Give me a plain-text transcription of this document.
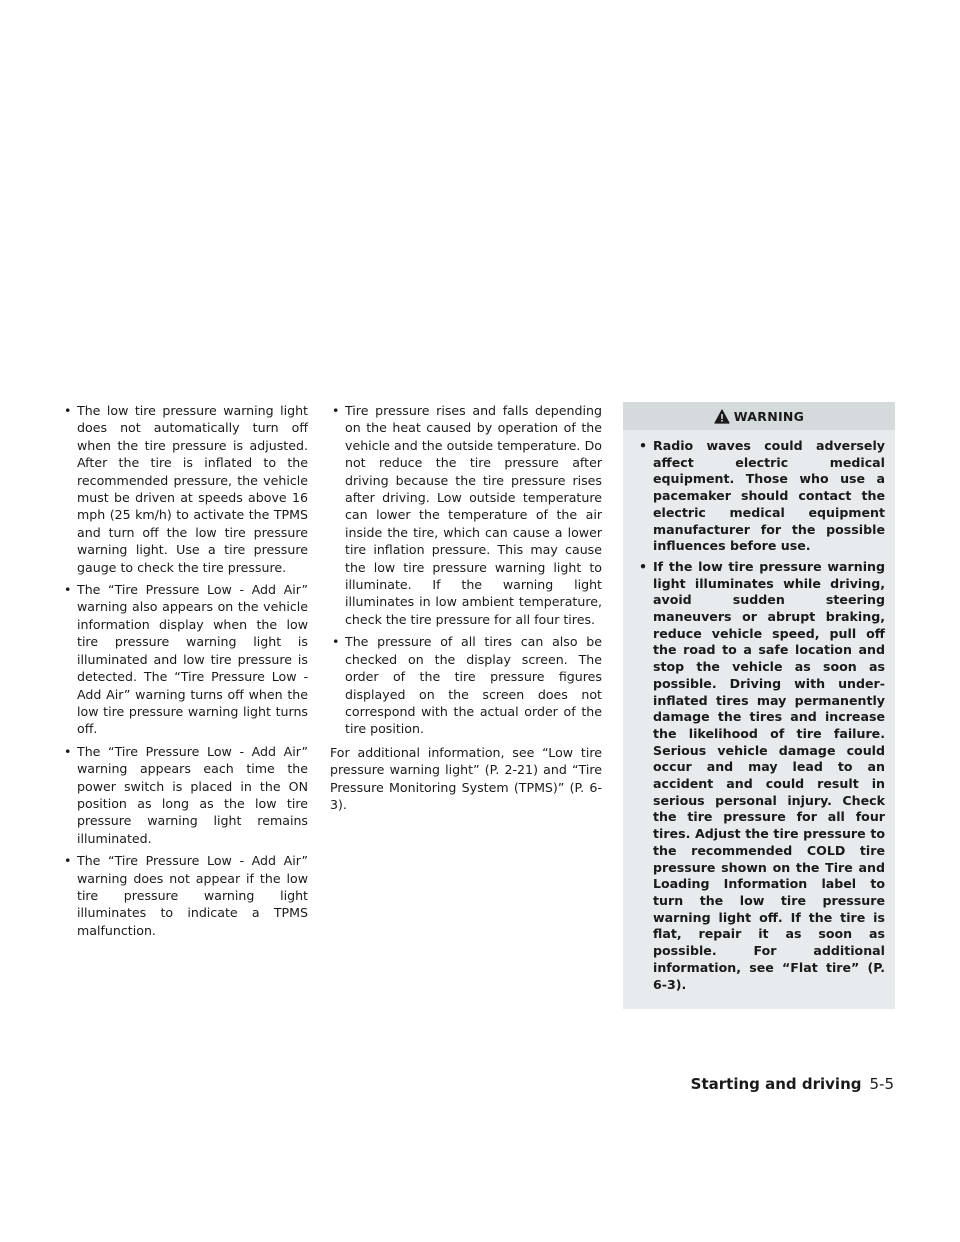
• The low tire pressure warning light does not automatically turn off when the tire pressure is adjusted. After the tire is inflated to the recommended pressure, the vehicle must be driven at speeds above 16 mph (25 km/h) to activate the TPMS and turn off the low tire pressure warning light. Use a tire pressure gauge to check the tire pressure.
• The “Tire Pressure Low - Add Air” warning also appears on the vehicle information display when the low tire pressure warning light is illuminated and low tire pressure is detected. The “Tire Pressure Low - Add Air” warning turns off when the low tire pressure warning light turns off.
• The “Tire Pressure Low - Add Air” warning appears each time the power switch is placed in the ON position as long as the low tire pressure warning light remains illuminated.
• The “Tire Pressure Low - Add Air” warning does not appear if the low tire pressure warning light illuminates to indicate a TPMS malfunction.
• Tire pressure rises and falls depending on the heat caused by operation of the vehicle and the outside temperature. Do not reduce the tire pressure after driving because the tire pressure rises after driving. Low outside temperature can lower the temperature of the air inside the tire, which can cause a lower tire inflation pressure. This may cause the low tire pressure warning light to illuminate. If the warning light illuminates in low ambient temperature, check the tire pressure for all four tires.
• The pressure of all tires can also be checked on the display screen. The order of the tire pressure figures displayed on the screen does not correspond with the actual order of the tire position.

For additional information, see “Low tire pressure warning light” (P. 2-21) and “Tire Pressure Monitoring System (TPMS)” (P. 6-3).

WARNING
• Radio waves could adversely affect electric medical equipment. Those who use a pacemaker should contact the electric medical equipment manufacturer for the possible influences before use.
• If the low tire pressure warning light illuminates while driving, avoid sudden steering maneuvers or abrupt braking, reduce vehicle speed, pull off the road to a safe location and stop the vehicle as soon as possible. Driving with under-inflated tires may permanently damage the tires and increase the likelihood of tire failure. Serious vehicle damage could occur and may lead to an accident and could result in serious personal injury. Check the tire pressure for all four tires. Adjust the tire pressure to the recommended COLD tire pressure shown on the Tire and Loading Information label to turn the low tire pressure warning light off. If the tire is flat, repair it as soon as possible. For additional information, see “Flat tire” (P. 6-3).
Starting and driving 5-5
